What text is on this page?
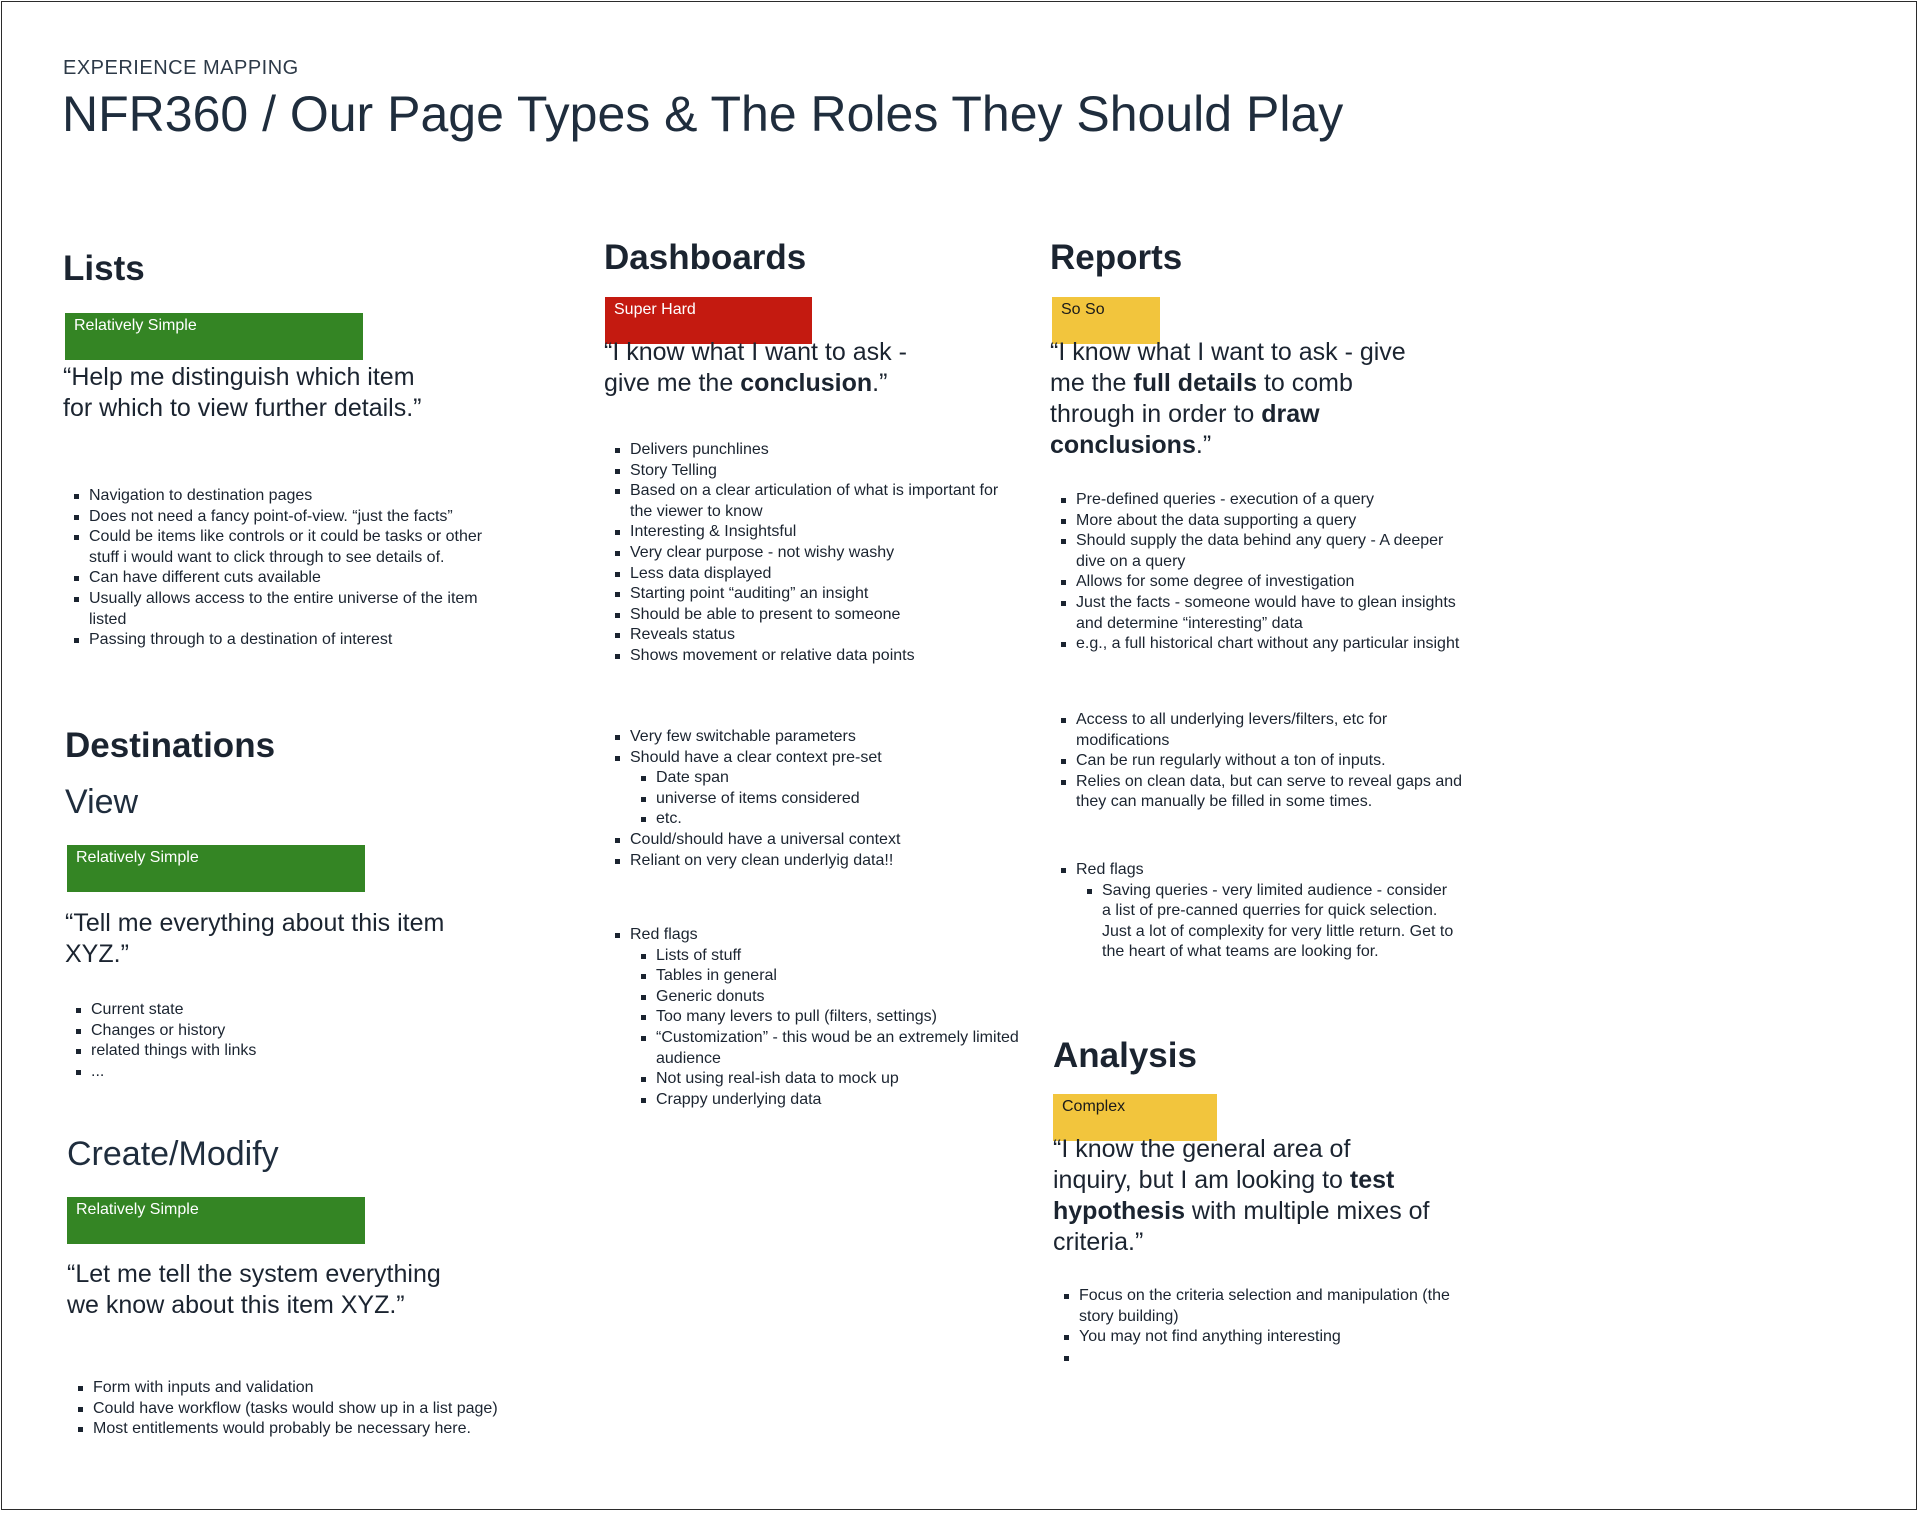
EXPERIENCE MAPPING
NFR360 / Our Page Types & The Roles They Should Play
Lists
Relatively Simple
“Help me distinguish which item for which to view further details.”
Navigation to destination pages
Does not need a fancy point-of-view. “just the facts”
Could be items like controls or it could be tasks or other stuff i would want to click through to see details of.
Can have different cuts available
Usually allows access to the entire universe of the item listed
Passing through to a destination of interest
Destinations
View
Relatively Simple
“Tell me everything about this item XYZ.”
Current state
Changes or history
related things with links
...
Create/Modify
Relatively Simple
“Let me tell the system everything we know about this item XYZ.”
Form with inputs and validation
Could have workflow (tasks would show up in a list page)
Most entitlements would probably be necessary here.
Dashboards
Super Hard
“I know what I want to ask - give me the conclusion.”
Delivers punchlines
Story Telling
Based on a clear articulation of what is important for the viewer to know
Interesting & Insightsful
Very clear purpose - not wishy washy
Less data displayed
Starting point “auditing” an insight
Should be able to present to someone
Reveals status
Shows movement or relative data points
Very few switchable parameters
Should have a clear context pre-set
Date span
universe of items considered
etc.
Could/should have a universal context
Reliant on very clean underlyig data!!
Red flags
Lists of stuff
Tables in general
Generic donuts
Too many levers to pull (filters, settings)
“Customization” - this woud be an extremely limited audience
Not using real-ish data to mock up
Crappy underlying data
Reports
So So
“I know what I want to ask - give me the full details to comb through in order to draw conclusions.”
Pre-defined queries - execution of a query
More about the data supporting a query
Should supply the data behind any query - A deeper dive on a query
Allows for some degree of investigation
Just the facts - someone would have to glean insights and determine “interesting” data
e.g., a full historical chart without any particular insight
Access to all underlying levers/filters, etc for modifications
Can be run regularly without a ton of inputs.
Relies on clean data, but can serve to reveal gaps and they can manually be filled in some times.
Red flags
Saving queries - very limited audience - consider a list of pre-canned querries for quick selection. Just a lot of complexity for very little return. Get to the heart of what teams are looking for.
Analysis
Complex
“I know the general area of inquiry, but I am looking to test hypothesis with multiple mixes of criteria.”
Focus on the criteria selection and manipulation (the story building)
You may not find anything interesting
